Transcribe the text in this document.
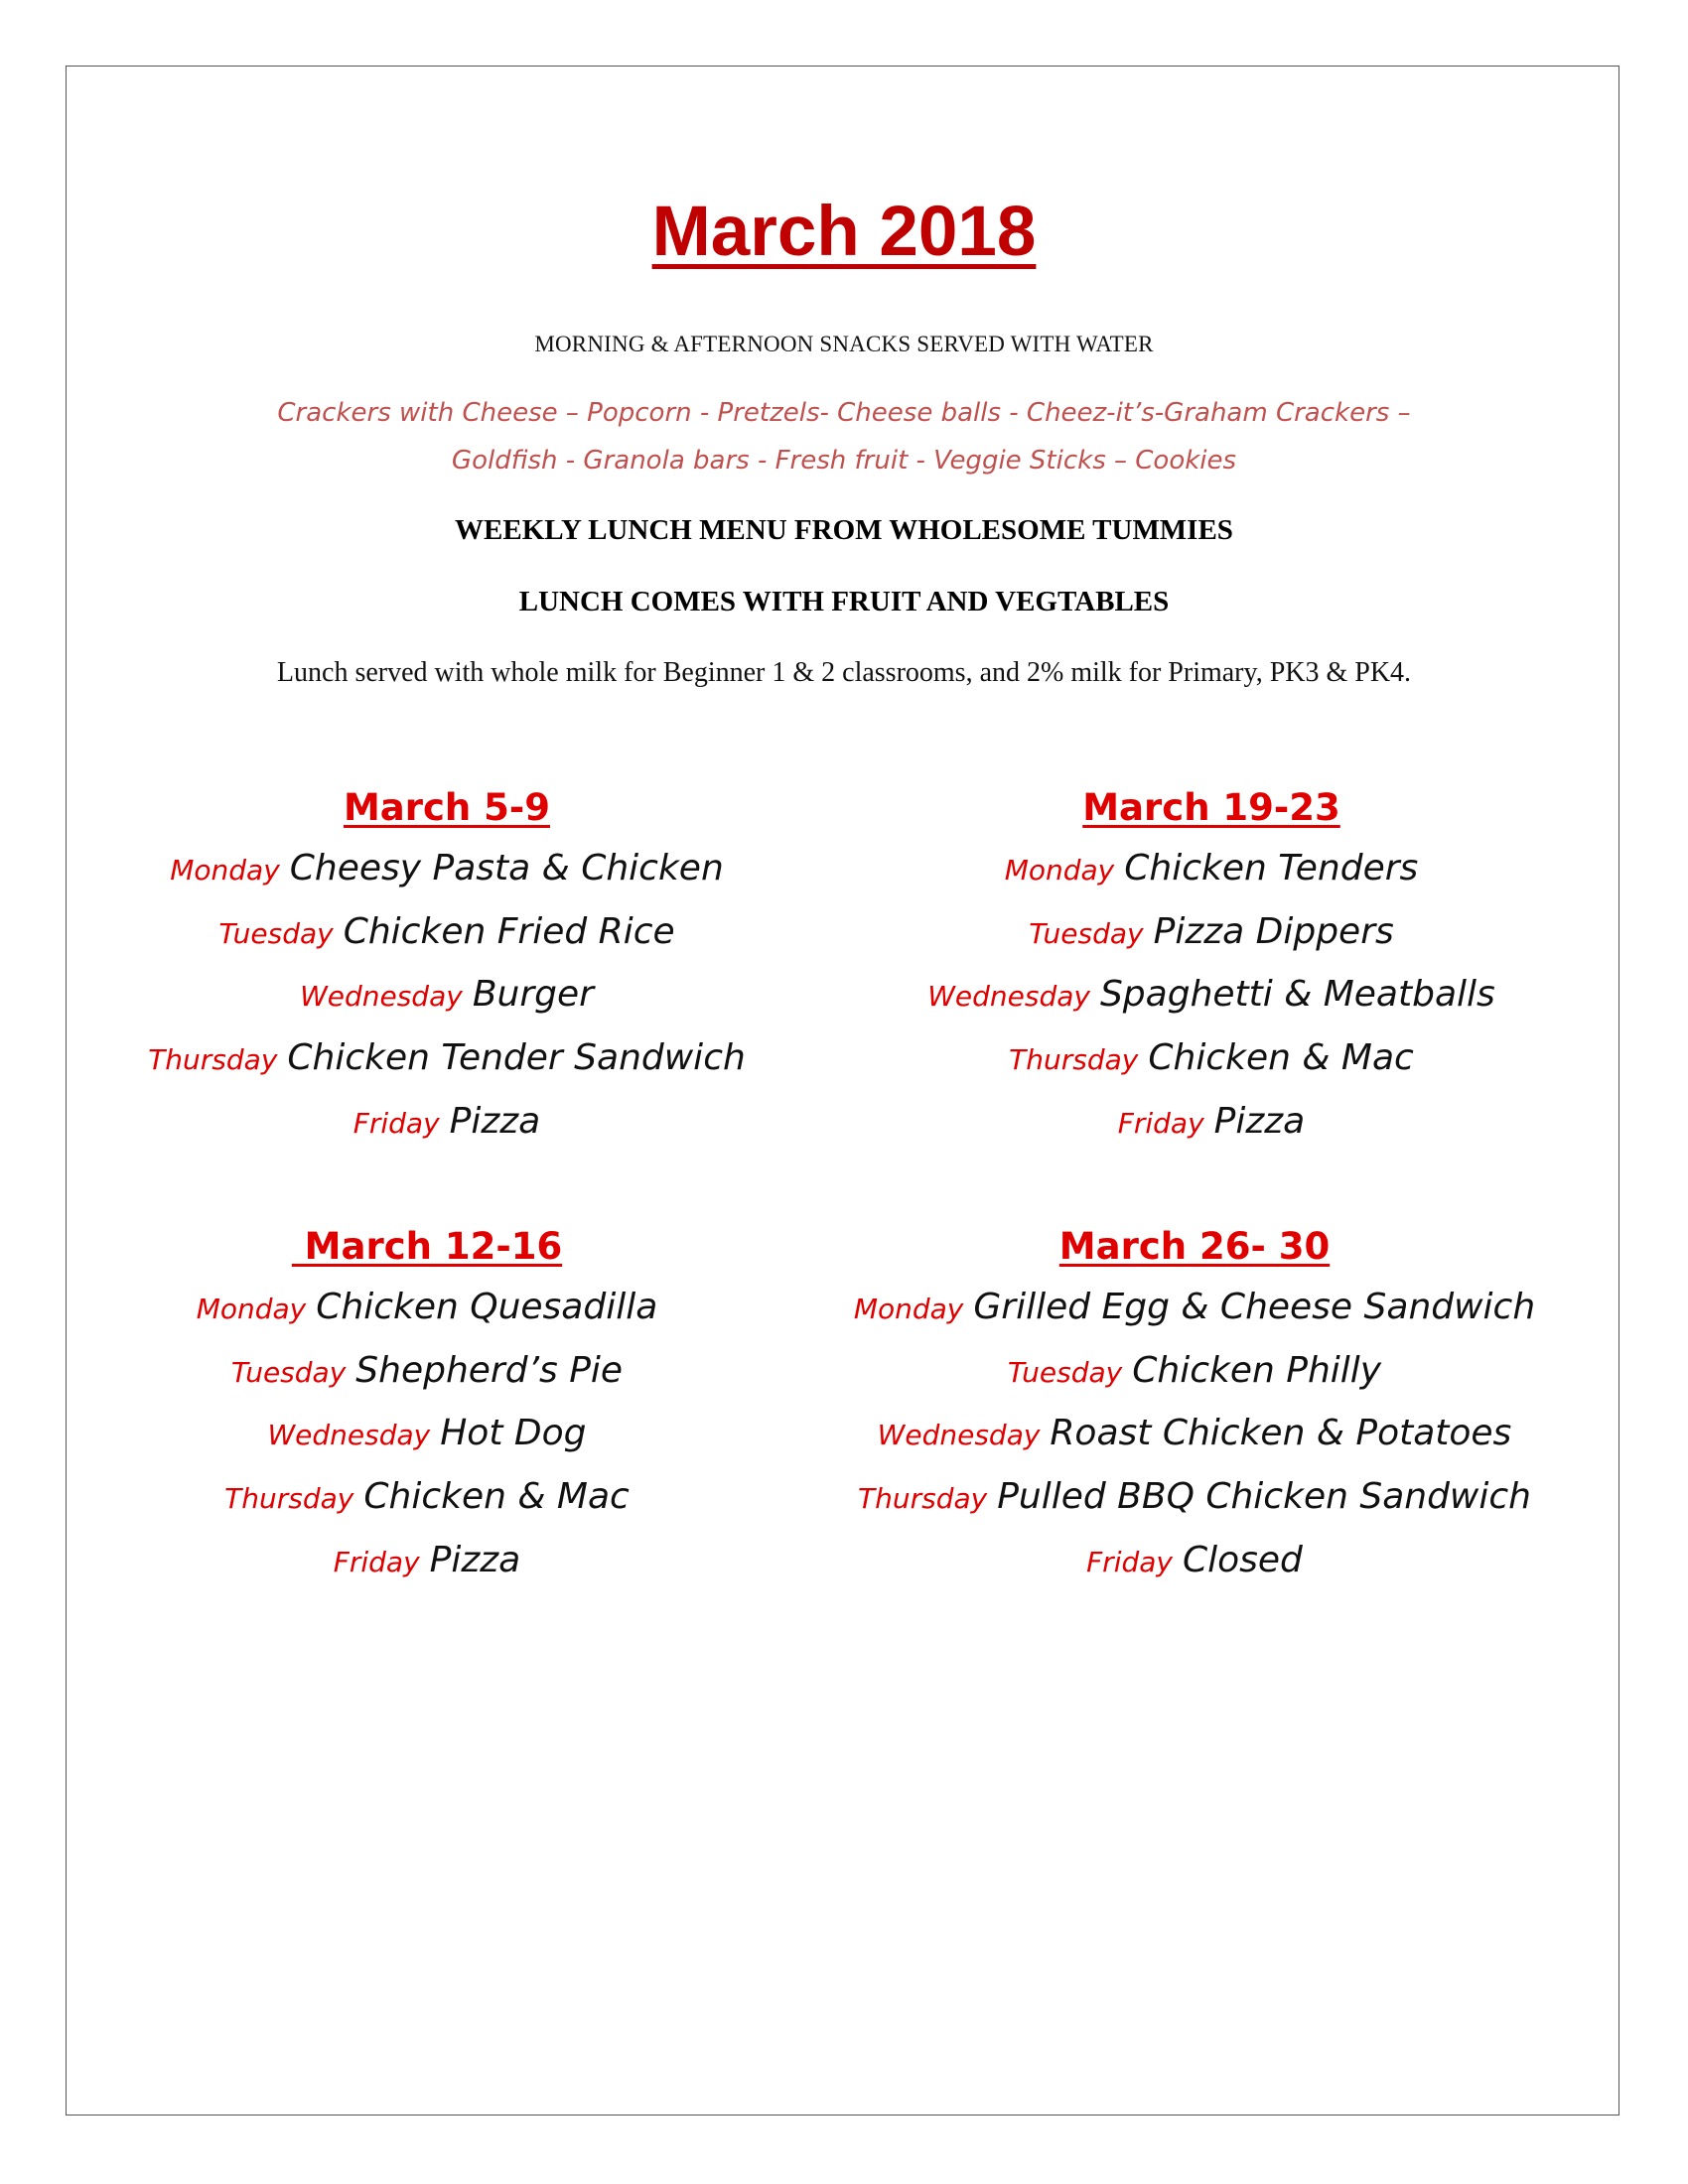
March 2018
MORNING & AFTERNOON SNACKS SERVED WITH WATER
Crackers with Cheese – Popcorn - Pretzels- Cheese balls - Cheez-it’s-Graham Crackers –
Goldfish - Granola bars - Fresh fruit - Veggie Sticks – Cookies
WEEKLY LUNCH MENU FROM WHOLESOME TUMMIES
LUNCH COMES WITH FRUIT AND VEGTABLES
Lunch served with whole milk for Beginner 1 & 2 classrooms, and 2% milk for Primary, PK3 & PK4.
March 5-9
Monday Cheesy Pasta & Chicken
Tuesday Chicken Fried Rice
Wednesday Burger
Thursday Chicken Tender Sandwich
Friday Pizza
March 19-23
Monday Chicken Tenders
Tuesday Pizza Dippers
Wednesday Spaghetti & Meatballs
Thursday Chicken & Mac
Friday Pizza
March 12-16
Monday Chicken Quesadilla
Tuesday Shepherd’s Pie
Wednesday Hot Dog
Thursday Chicken & Mac
Friday Pizza
March 26- 30
Monday Grilled Egg & Cheese Sandwich
Tuesday Chicken Philly
Wednesday Roast Chicken & Potatoes
Thursday Pulled BBQ Chicken Sandwich
Friday Closed
